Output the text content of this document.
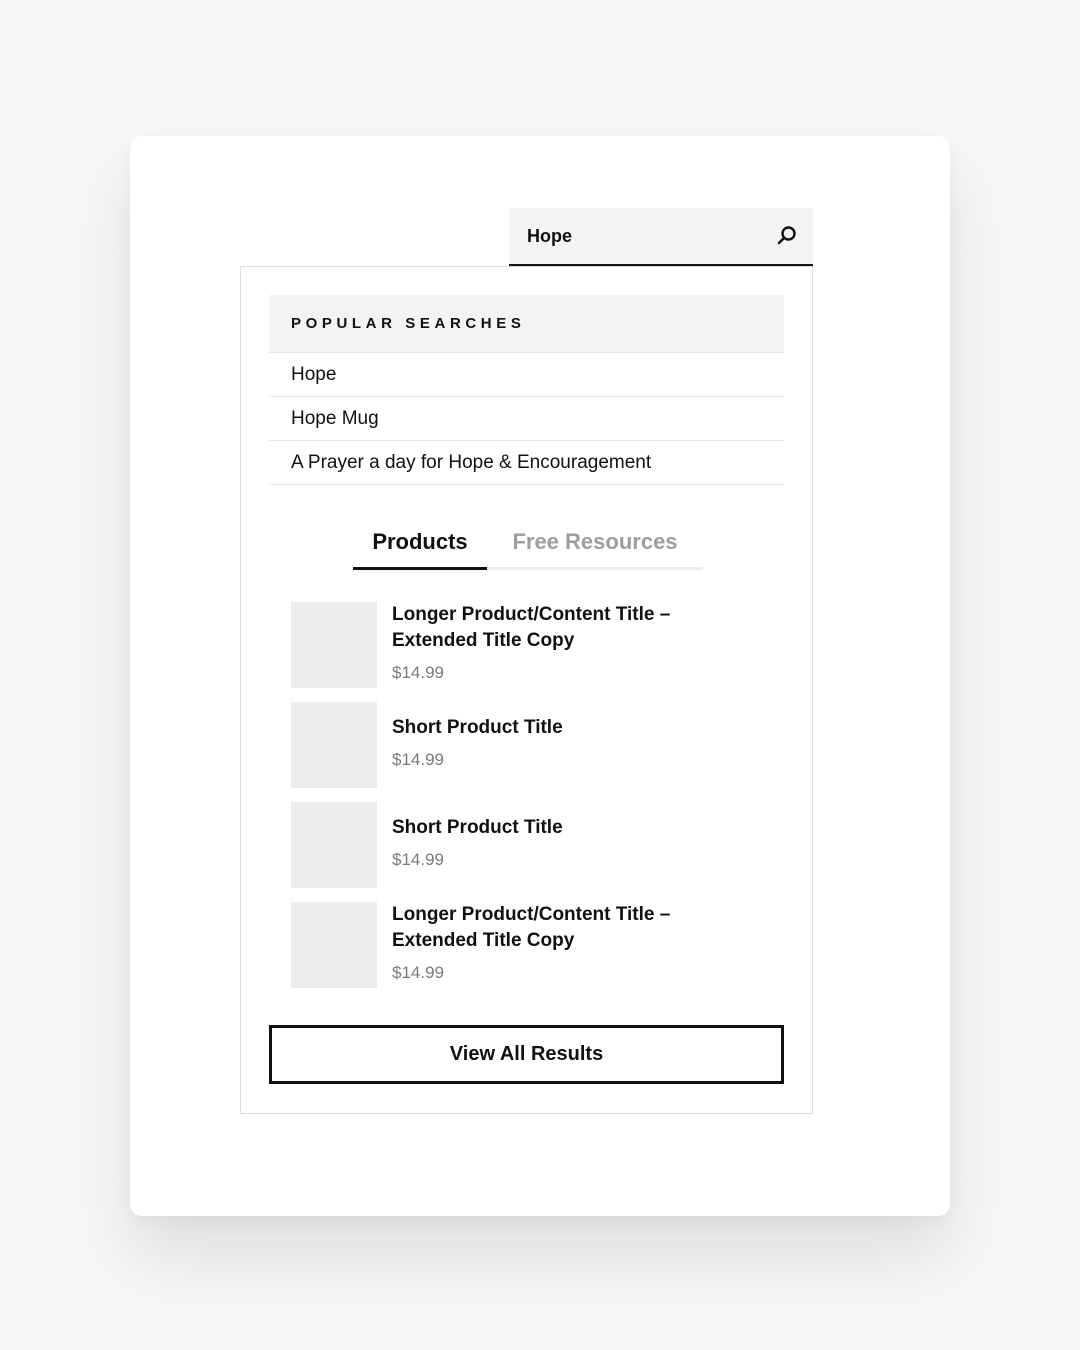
Hope
POPULAR SEARCHES
Hope
Hope Mug
A Prayer a day for Hope & Encouragement
Products	Free Resources
Longer Product/Content Title – Extended Title Copy
$14.99
Short Product Title
$14.99
Short Product Title
$14.99
Longer Product/Content Title – Extended Title Copy
$14.99
View All Results
